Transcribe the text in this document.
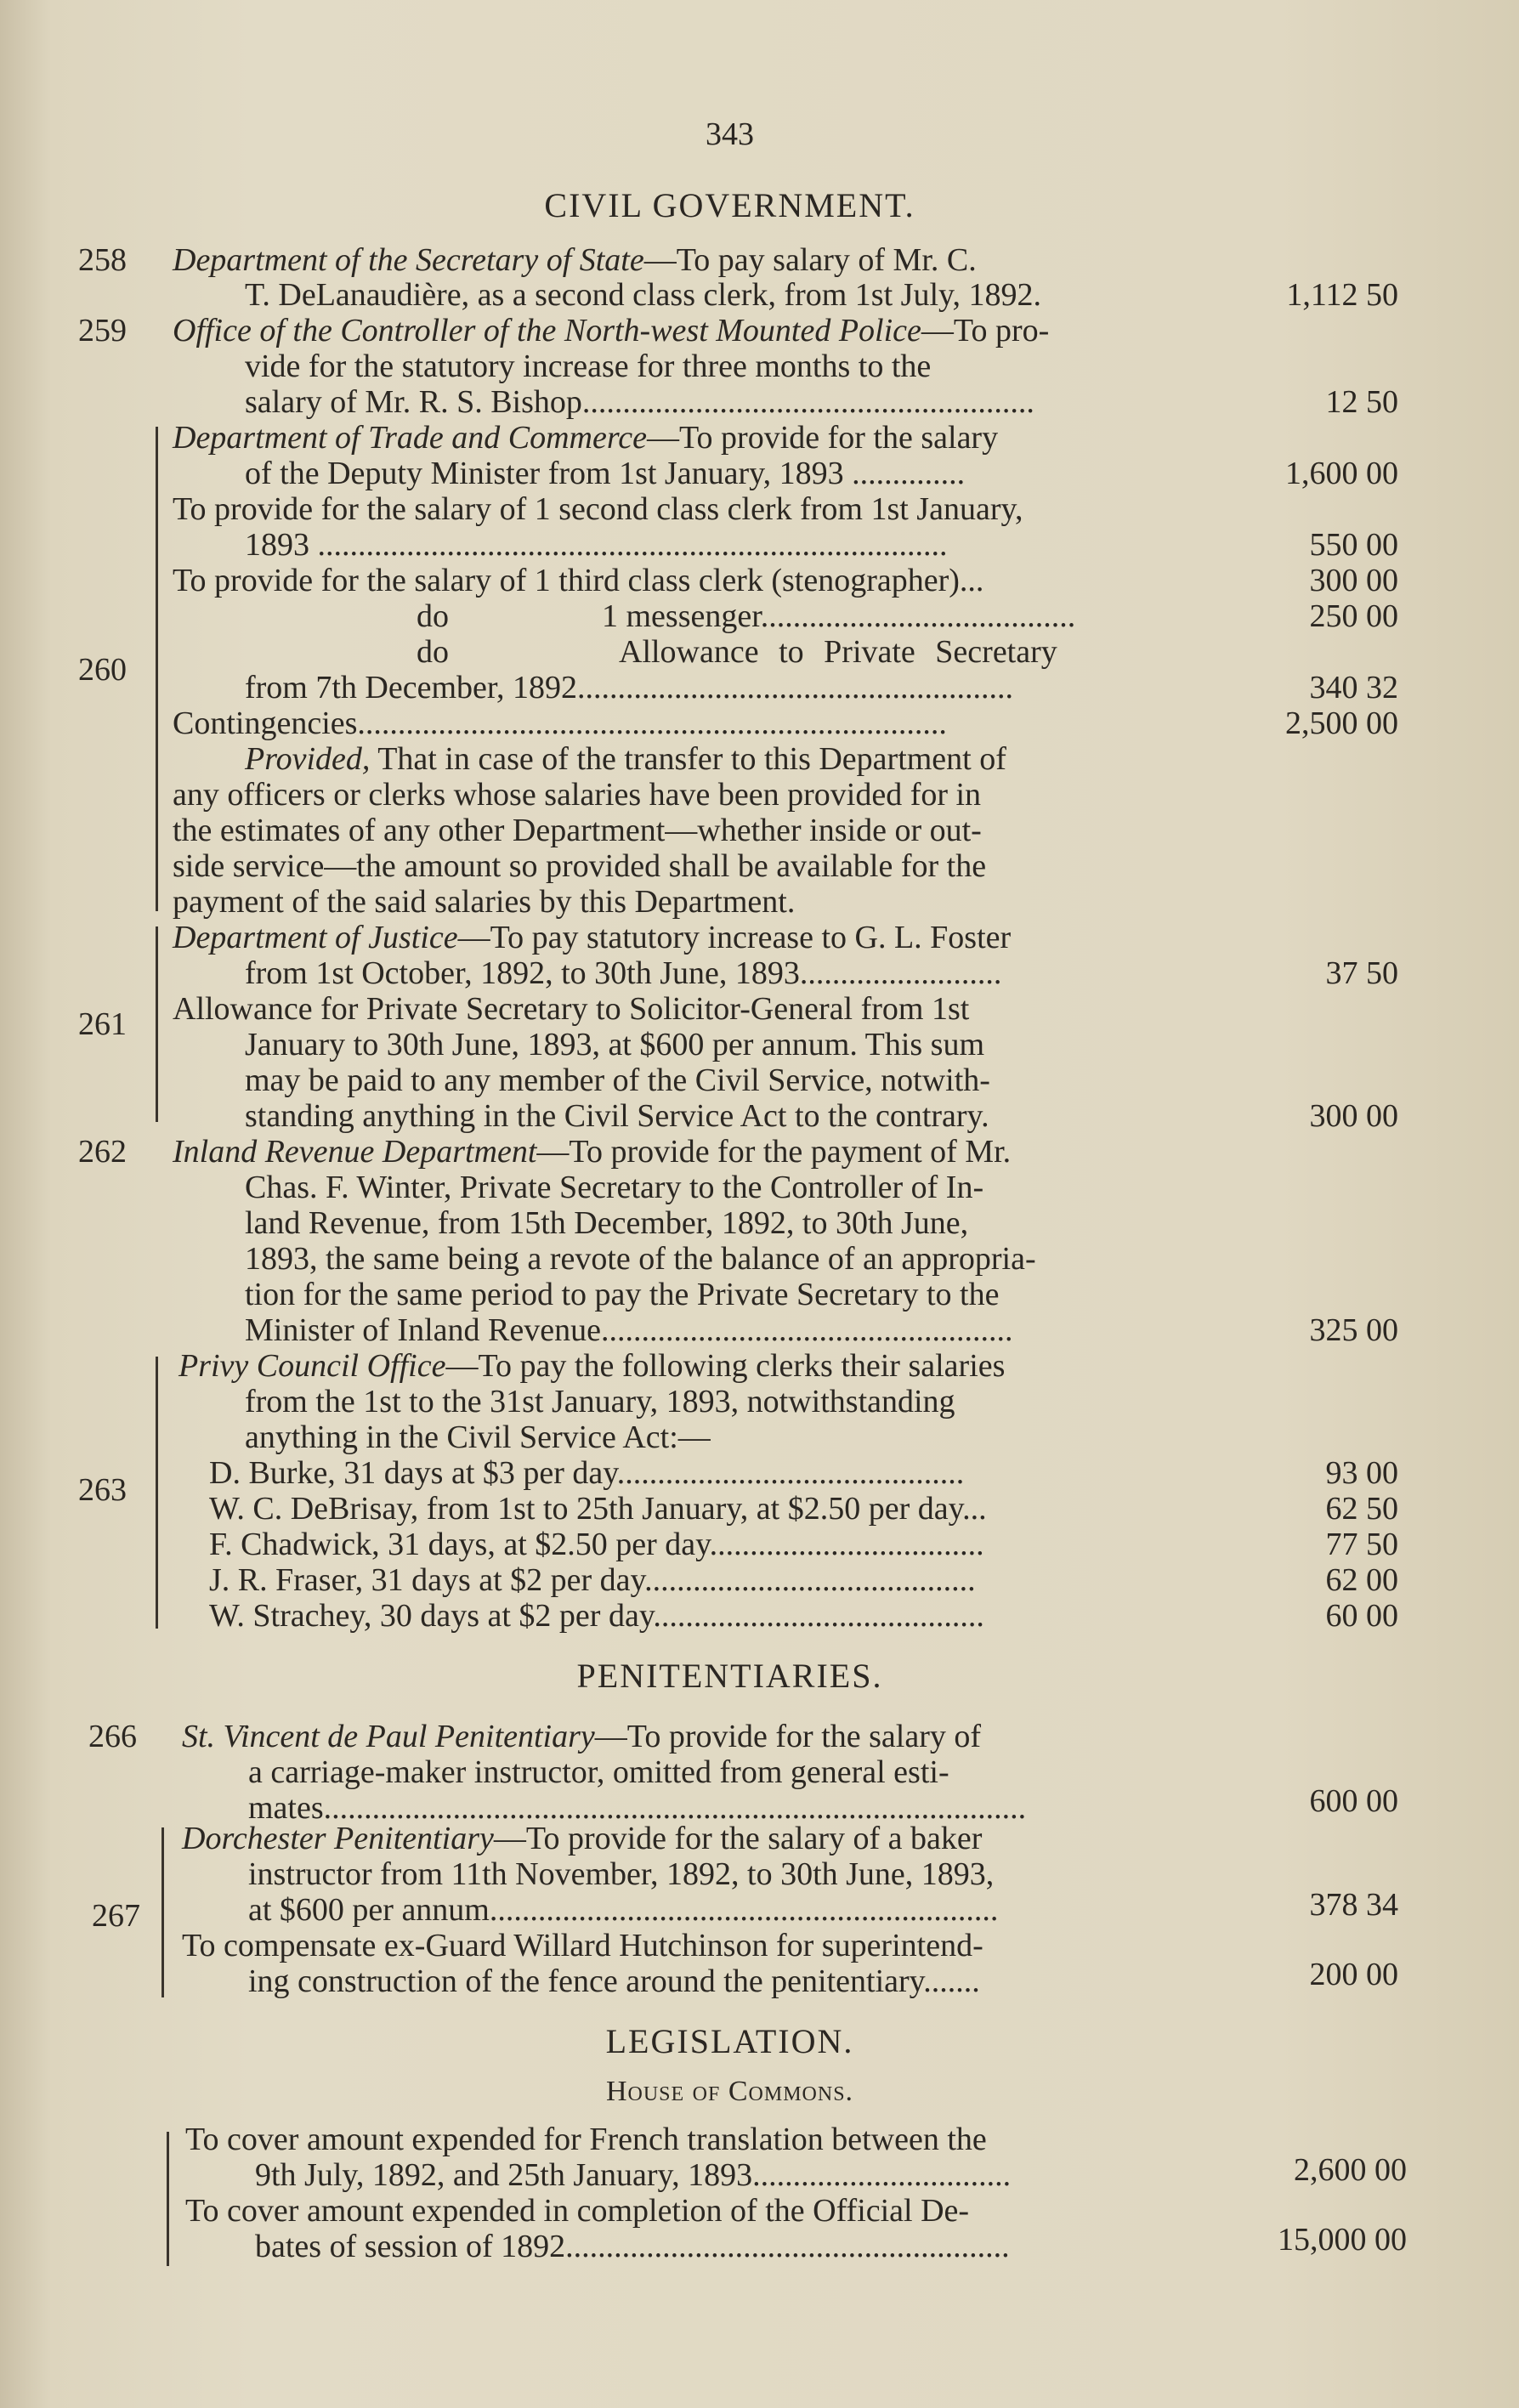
343
CIVIL GOVERNMENT.
258 Department of the Secretary of State—To pay salary of Mr. C.
T. DeLanaudière, as a second class clerk, from 1st July, 1892.	1,112 50
259 Office of the Controller of the North-west Mounted Police—To pro-
vide for the statutory increase for three months to the
salary of Mr. R. S. Bishop........................................................	12 50
260
Department of Trade and Commerce—To provide for the salary
of the Deputy Minister from 1st January, 1893 ..............	1,600 00
To provide for the salary of 1 second class clerk from 1st January,
1893 ..............................................................................	550 00
To provide for the salary of 1 third class clerk (stenographer)...	300 00
do	1 messenger.......................................	250 00
do	Allowance to Private Secretary
from 7th December, 1892......................................................	340 32
Contingencies.........................................................................	2,500 00
Provided, That in case of the transfer to this Department of
any officers or clerks whose salaries have been provided for in
the estimates of any other Department—whether inside or out-
side service—the amount so provided shall be available for the
payment of the said salaries by this Department.
261
Department of Justice—To pay statutory increase to G. L. Foster
from 1st October, 1892, to 30th June, 1893.........................	37 50
Allowance for Private Secretary to Solicitor-General from 1st
January to 30th June, 1893, at $600 per annum. This sum
may be paid to any member of the Civil Service, notwith-
standing anything in the Civil Service Act to the contrary.	300 00
262 Inland Revenue Department—To provide for the payment of Mr.
Chas. F. Winter, Private Secretary to the Controller of In-
land Revenue, from 15th December, 1892, to 30th June,
1893, the same being a revote of the balance of an appropria-
tion for the same period to pay the Private Secretary to the
Minister of Inland Revenue...................................................	325 00
263
Privy Council Office—To pay the following clerks their salaries
from the 1st to the 31st January, 1893, notwithstanding
anything in the Civil Service Act:—
D. Burke, 31 days at $3 per day...........................................	93 00
W. C. DeBrisay, from 1st to 25th January, at $2.50 per day...	62 50
F. Chadwick, 31 days, at $2.50 per day..................................	77 50
J. R. Fraser, 31 days at $2 per day.........................................	62 00
W. Strachey, 30 days at $2 per day.........................................	60 00
PENITENTIARIES.
266 St. Vincent de Paul Penitentiary—To provide for the salary of
a carriage-maker instructor, omitted from general esti-
mates.......................................................................................	600 00
267
Dorchester Penitentiary—To provide for the salary of a baker
instructor from 11th November, 1892, to 30th June, 1893,
at $600 per annum...............................................................	378 34
To compensate ex-Guard Willard Hutchinson for superintend-
ing construction of the fence around the penitentiary.......	200 00
LEGISLATION.
House of Commons.
To cover amount expended for French translation between the
9th July, 1892, and 25th January, 1893................................	2,600 00
To cover amount expended in completion of the Official De-
bates of session of 1892.......................................................	15,000 00
